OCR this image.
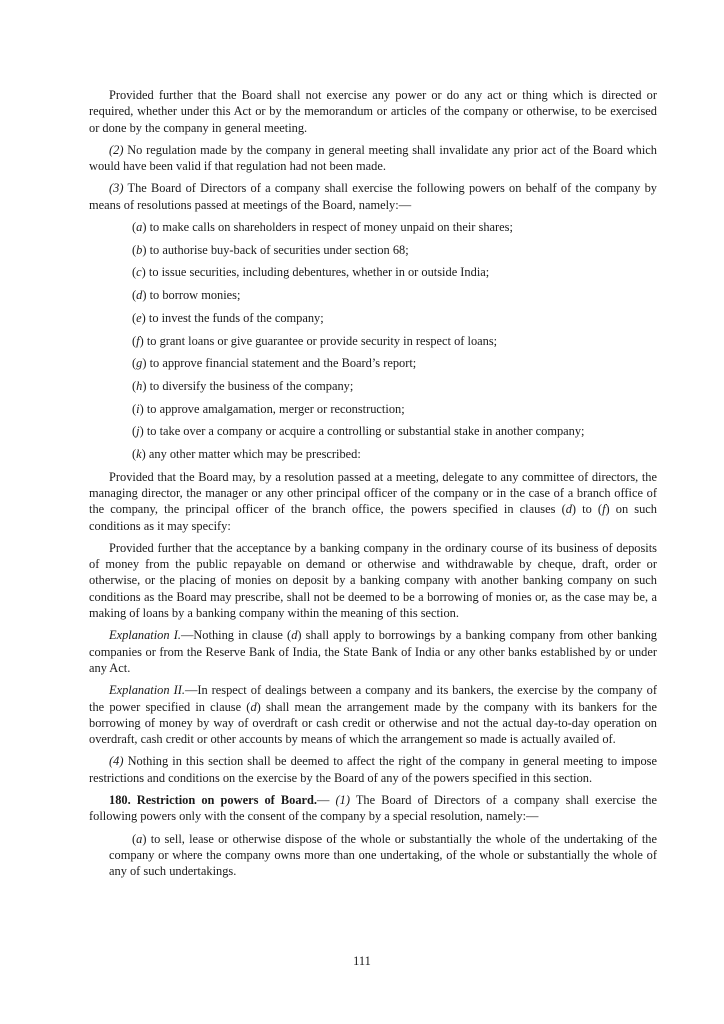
Provided further that the Board shall not exercise any power or do any act or thing which is directed or required, whether under this Act or by the memorandum or articles of the company or otherwise, to be exercised or done by the company in general meeting.

(2) No regulation made by the company in general meeting shall invalidate any prior act of the Board which would have been valid if that regulation had not been made.

(3) The Board of Directors of a company shall exercise the following powers on behalf of the company by means of resolutions passed at meetings of the Board, namely:—

(a) to make calls on shareholders in respect of money unpaid on their shares;

(b) to authorise buy-back of securities under section 68;

(c) to issue securities, including debentures, whether in or outside India;

(d) to borrow monies;

(e) to invest the funds of the company;

(f) to grant loans or give guarantee or provide security in respect of loans;

(g) to approve financial statement and the Board’s report;

(h) to diversify the business of the company;

(i) to approve amalgamation, merger or reconstruction;

(j) to take over a company or acquire a controlling or substantial stake in another company;

(k) any other matter which may be prescribed:

Provided that the Board may, by a resolution passed at a meeting, delegate to any committee of directors, the managing director, the manager or any other principal officer of the company or in the case of a branch office of the company, the principal officer of the branch office, the powers specified in clauses (d) to (f) on such conditions as it may specify:

Provided further that the acceptance by a banking company in the ordinary course of its business of deposits of money from the public repayable on demand or otherwise and withdrawable by cheque, draft, order or otherwise, or the placing of monies on deposit by a banking company with another banking company on such conditions as the Board may prescribe, shall not be deemed to be a borrowing of monies or, as the case may be, a making of loans by a banking company within the meaning of this section.

Explanation I.—Nothing in clause (d) shall apply to borrowings by a banking company from other banking companies or from the Reserve Bank of India, the State Bank of India or any other banks established by or under any Act.

Explanation II.—In respect of dealings between a company and its bankers, the exercise by the company of the power specified in clause (d) shall mean the arrangement made by the company with its bankers for the borrowing of money by way of overdraft or cash credit or otherwise and not the actual day-to-day operation on overdraft, cash credit or other accounts by means of which the arrangement so made is actually availed of.

(4) Nothing in this section shall be deemed to affect the right of the company in general meeting to impose restrictions and conditions on the exercise by the Board of any of the powers specified in this section.

180. Restriction on powers of Board.— (1) The Board of Directors of a company shall exercise the following powers only with the consent of the company by a special resolution, namely:—

(a) to sell, lease or otherwise dispose of the whole or substantially the whole of the undertaking of the company or where the company owns more than one undertaking, of the whole or substantially the whole of any of such undertakings.

111
